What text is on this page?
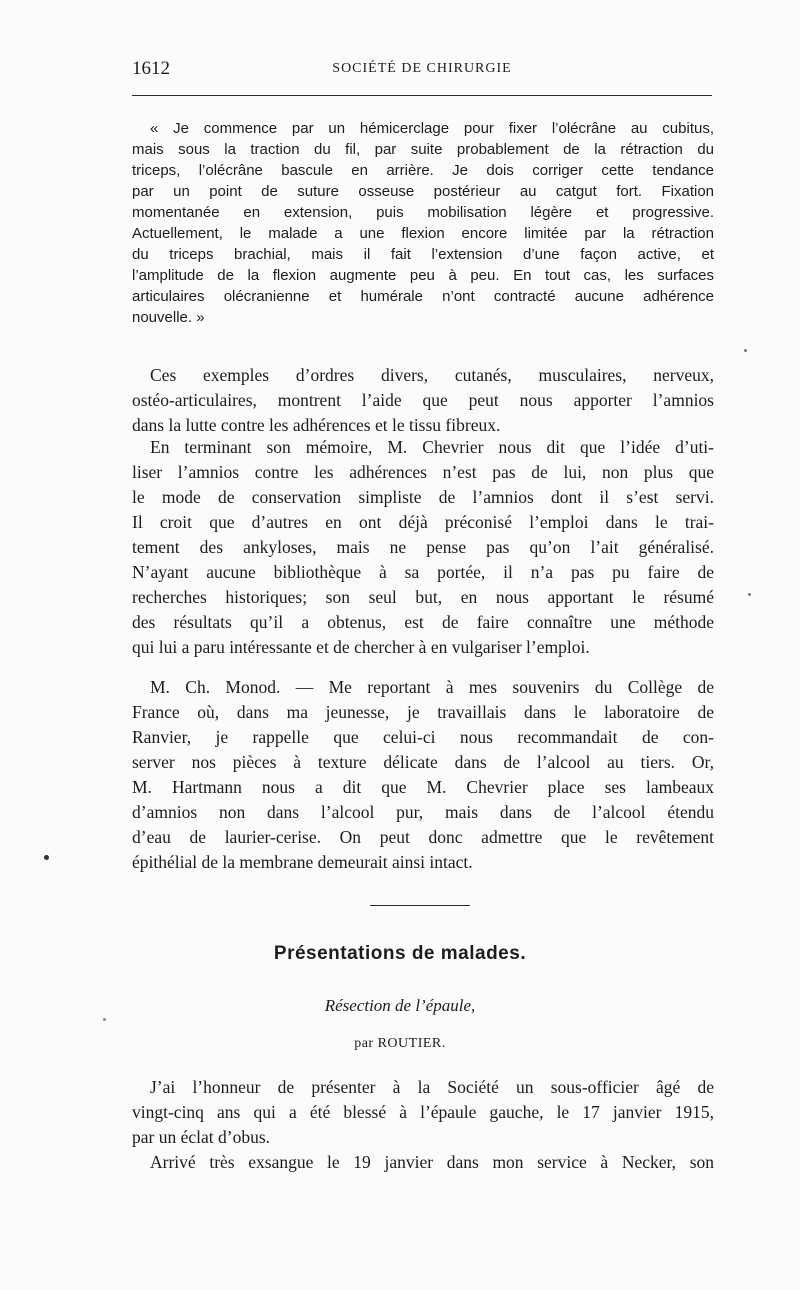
1612	SOCIÉTÉ DE CHIRURGIE
« Je commence par un hémicerclage pour fixer l’olécrâne au cubitus,
mais sous la traction du fil, par suite probablement de la rétraction du
triceps, l’olécrâne bascule en arrière. Je dois corriger cette tendance
par un point de suture osseuse postérieur au catgut fort. Fixation
momentanée en extension, puis mobilisation légère et progressive.
Actuellement, le malade a une flexion encore limitée par la rétraction
du triceps brachial, mais il fait l’extension d’une façon active, et
l’amplitude de la flexion augmente peu à peu. En tout cas, les surfaces
articulaires olécranienne et humérale n’ont contracté aucune adhérence
nouvelle. »
Ces exemples d’ordres divers, cutanés, musculaires, nerveux,
ostéo-articulaires, montrent l’aide que peut nous apporter l’amnios
dans la lutte contre les adhérences et le tissu fibreux.
En terminant son mémoire, M. Chevrier nous dit que l’idée d’uti-
liser l’amnios contre les adhérences n’est pas de lui, non plus que
le mode de conservation simpliste de l’amnios dont il s’est servi.
Il croit que d’autres en ont déjà préconisé l’emploi dans le trai-
tement des ankyloses, mais ne pense pas qu’on l’ait généralisé.
N’ayant aucune bibliothèque à sa portée, il n’a pas pu faire de
recherches historiques; son seul but, en nous apportant le résumé
des résultats qu’il a obtenus, est de faire connaître une méthode
qui lui a paru intéressante et de chercher à en vulgariser l’emploi.
M. Ch. Monod. — Me reportant à mes souvenirs du Collège de
France où, dans ma jeunesse, je travaillais dans le laboratoire de
Ranvier, je rappelle que celui-ci nous recommandait de con-
server nos pièces à texture délicate dans de l’alcool au tiers. Or,
M. Hartmann nous a dit que M. Chevrier place ses lambeaux
d’amnios non dans l’alcool pur, mais dans de l’alcool étendu
d’eau de laurier-cerise. On peut donc admettre que le revêtement
épithélial de la membrane demeurait ainsi intact.
Présentations de malades.
Résection de l’épaule,
par ROUTIER.
J’ai l’honneur de présenter à la Société un sous-officier âgé de
vingt-cinq ans qui a été blessé à l’épaule gauche, le 17 janvier 1915,
par un éclat d’obus.
Arrivé très exsangue le 19 janvier dans mon service à Necker, son
